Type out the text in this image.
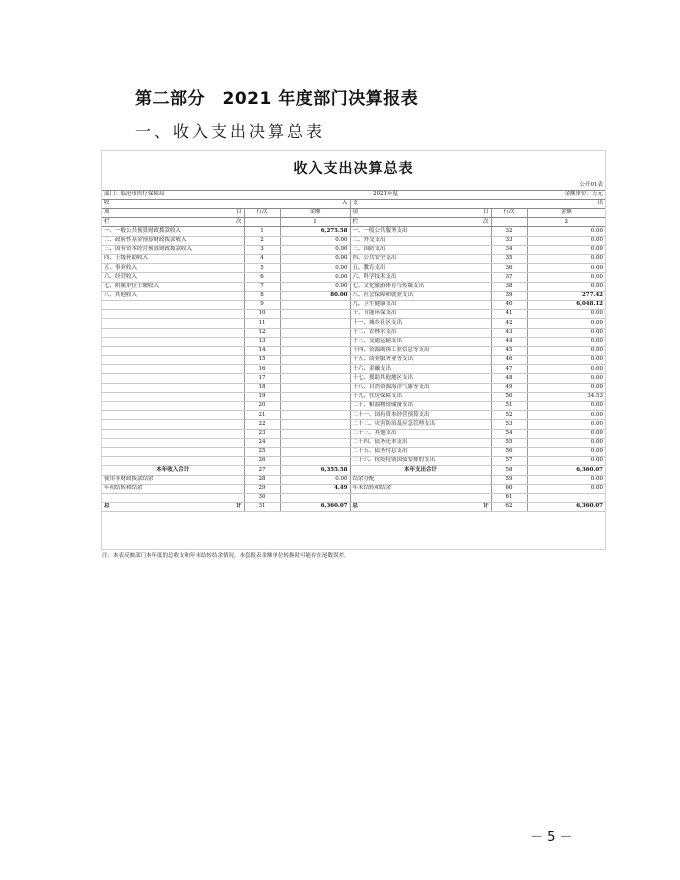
第二部分　2021 年度部门决算报表
一、收入支出决算总表
收入支出决算总表
					公开01表
部门：临沧市医疗保障局		2021年度		金额单位：万元	
收 入			支 出		

项 目	行次	金额	项 目	行次	金额
栏 次		1	栏 次		2
一、一般公共预算财政拨款收入	1	6,275.58	一、一般公共服务支出	32	0.00
二、政府性基金预算财政拨款收入	2	0.00	二、外交支出	33	0.00
三、国有资本经营预算财政拨款收入	3	0.00	三、国防支出	34	0.00
四、上级补助收入	4	0.00	四、公共安全支出	35	0.00
五、事业收入	5	0.00	五、教育支出	36	0.00
六、经营收入	6	0.00	六、科学技术支出	37	0.00
七、附属单位上缴收入	7	0.00	七、文化旅游体育与传媒支出	38	0.00
八、其他收入	8	80.00	八、社会保障和就业支出	39	277.42
	9		九、卫生健康支出	40	6,048.12
	10		十、节能环保支出	41	0.00
	11		十一、城乡社区支出	42	0.00
	12		十二、农林水支出	43	0.00
	13		十三、交通运输支出	44	0.00
	14		十四、资源勘探工业信息等支出	45	0.00
	15		十五、商业服务业等支出	46	0.00
	16		十六、金融支出	47	0.00
	17		十七、援助其他地区支出	48	0.00
	18		十八、自然资源海洋气象等支出	49	0.00
	19		十九、住房保障支出	50	34.53
	20		二十、粮油物资储备支出	51	0.00
	21		二十一、国有资本经营预算支出	52	0.00
	22		二十二、灾害防治及应急管理支出	53	0.00
	23		二十三、其他支出	54	0.00
	24		二十四、债务还本支出	55	0.00
	25		二十五、债务付息支出	56	0.00
	26		二十六、抗疫特别国债安排的支出	57	0.00
本年收入合计	27	6,355.58	本年支出合计	58	6,360.07
使用非财政拨款结余	28	0.00	结余分配	59	0.00
年初结转和结余	29	4.49	年末结转和结余	60	0.00
	30			61	
总 计	31	6,360.07	总 计	62	6,360.07
注：本表反映部门本年度的总收支和年末结转结余情况。本套报表金额单位转换时可能存在尾数误差。
－ 5 －
